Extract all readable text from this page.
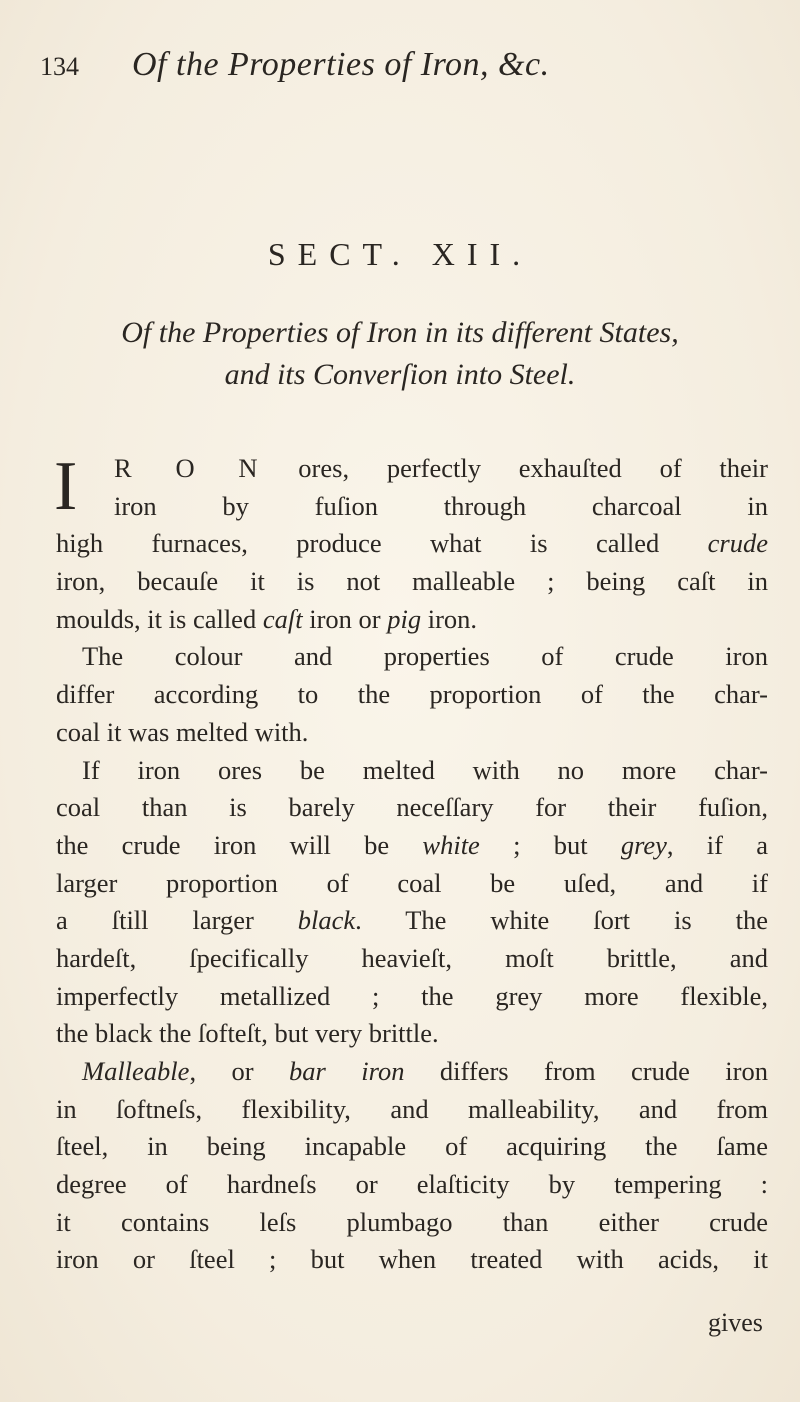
134 Of the Properties of Iron, &c.
SECT. XII.
Of the Properties of Iron in its different States,
and its Converſion into Steel.
I	R O N ores, perfectly exhauſted of their
iron by fuſion through charcoal in
high furnaces, produce what is called crude
iron, becauſe it is not malleable ; being caſt in
moulds, it is called caſt iron or pig iron.
The colour and properties of crude iron
differ according to the proportion of the char-
coal it was melted with.
If iron ores be melted with no more char-
coal than is barely neceſſary for their fuſion,
the crude iron will be white ; but grey, if a
larger proportion of coal be uſed, and if
a ſtill larger black. The white ſort is the
hardeſt, ſpecifically heavieſt, moſt brittle, and
imperfectly metallized ; the grey more flexible,
the black the ſofteſt, but very brittle.
Malleable, or bar iron differs from crude iron
in ſoftneſs, flexibility, and malleability, and from
ſteel, in being incapable of acquiring the ſame
degree of hardneſs or elaſticity by tempering :
it contains leſs plumbago than either crude
iron or ſteel ; but when treated with acids, it
gives
